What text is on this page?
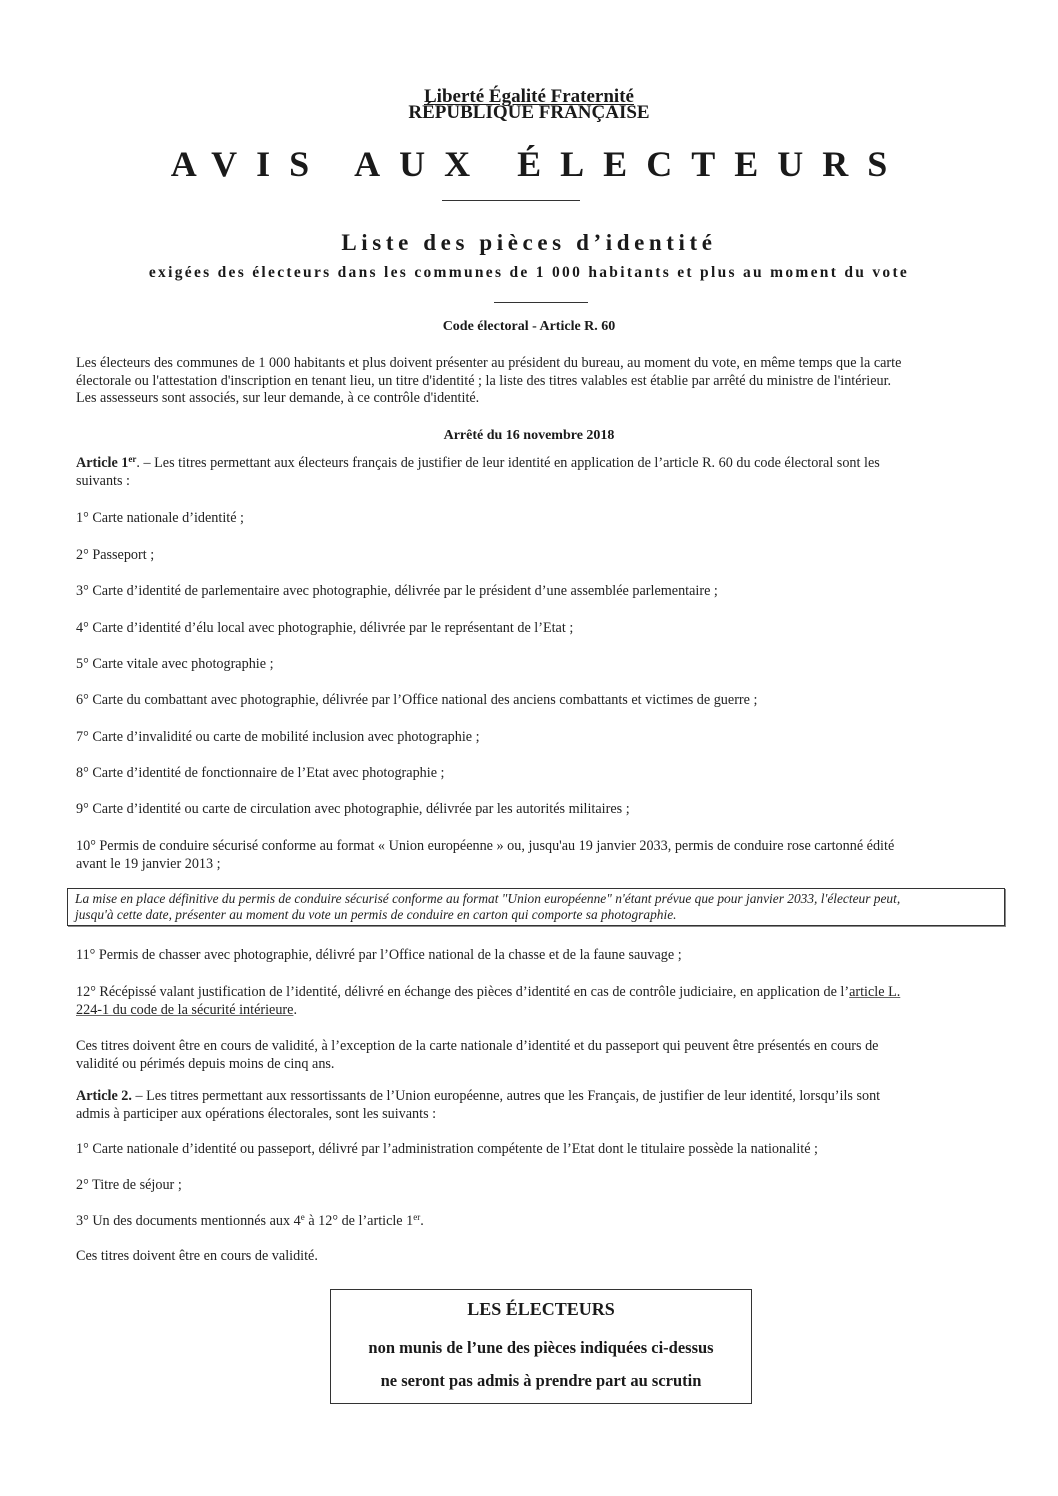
Liberté Égalité Fraternité
RÉPUBLIQUE FRANÇAISE
AVIS AUX ÉLECTEURS
Liste des pièces d’identité
exigées des électeurs dans les communes de 1 000 habitants et plus au moment du vote
Code électoral - Article R. 60
Les électeurs des communes de 1 000 habitants et plus doivent présenter au président du bureau, au moment du vote, en même temps que la carte
électorale ou l'attestation d'inscription en tenant lieu, un titre d'identité ; la liste des titres valables est établie par arrêté du ministre de l'intérieur.
Les assesseurs sont associés, sur leur demande, à ce contrôle d'identité.
Arrêté du 16 novembre 2018
Article 1er. – Les titres permettant aux électeurs français de justifier de leur identité en application de l’article R. 60 du code électoral sont les
suivants :
1° Carte nationale d’identité ;
2° Passeport ;
3° Carte d’identité de parlementaire avec photographie, délivrée par le président d’une assemblée parlementaire ;
4° Carte d’identité d’élu local avec photographie, délivrée par le représentant de l’Etat ;
5° Carte vitale avec photographie ;
6° Carte du combattant avec photographie, délivrée par l’Office national des anciens combattants et victimes de guerre ;
7° Carte d’invalidité ou carte de mobilité inclusion avec photographie ;
8° Carte d’identité de fonctionnaire de l’Etat avec photographie ;
9° Carte d’identité ou carte de circulation avec photographie, délivrée par les autorités militaires ;
10° Permis de conduire sécurisé conforme au format « Union européenne » ou, jusqu'au 19 janvier 2033, permis de conduire rose cartonné édité
avant le 19 janvier 2013 ;
La mise en place définitive du permis de conduire sécurisé conforme au format "Union européenne" n'étant prévue que pour janvier 2033, l'électeur peut,
jusqu'à cette date, présenter au moment du vote un permis de conduire en carton qui comporte sa photographie.
11° Permis de chasser avec photographie, délivré par l’Office national de la chasse et de la faune sauvage ;
12° Récépissé valant justification de l’identité, délivré en échange des pièces d’identité en cas de contrôle judiciaire, en application de l’article L.
224-1 du code de la sécurité intérieure.
Ces titres doivent être en cours de validité, à l’exception de la carte nationale d’identité et du passeport qui peuvent être présentés en cours de
validité ou périmés depuis moins de cinq ans.
Article 2. – Les titres permettant aux ressortissants de l’Union européenne, autres que les Français, de justifier de leur identité, lorsqu’ils sont
admis à participer aux opérations électorales, sont les suivants :
1° Carte nationale d’identité ou passeport, délivré par l’administration compétente de l’Etat dont le titulaire possède la nationalité ;
2° Titre de séjour ;
3° Un des documents mentionnés aux 4e à 12° de l’article 1er.
Ces titres doivent être en cours de validité.
LES ÉLECTEURS
non munis de l’une des pièces indiquées ci-dessus
ne seront pas admis à prendre part au scrutin
